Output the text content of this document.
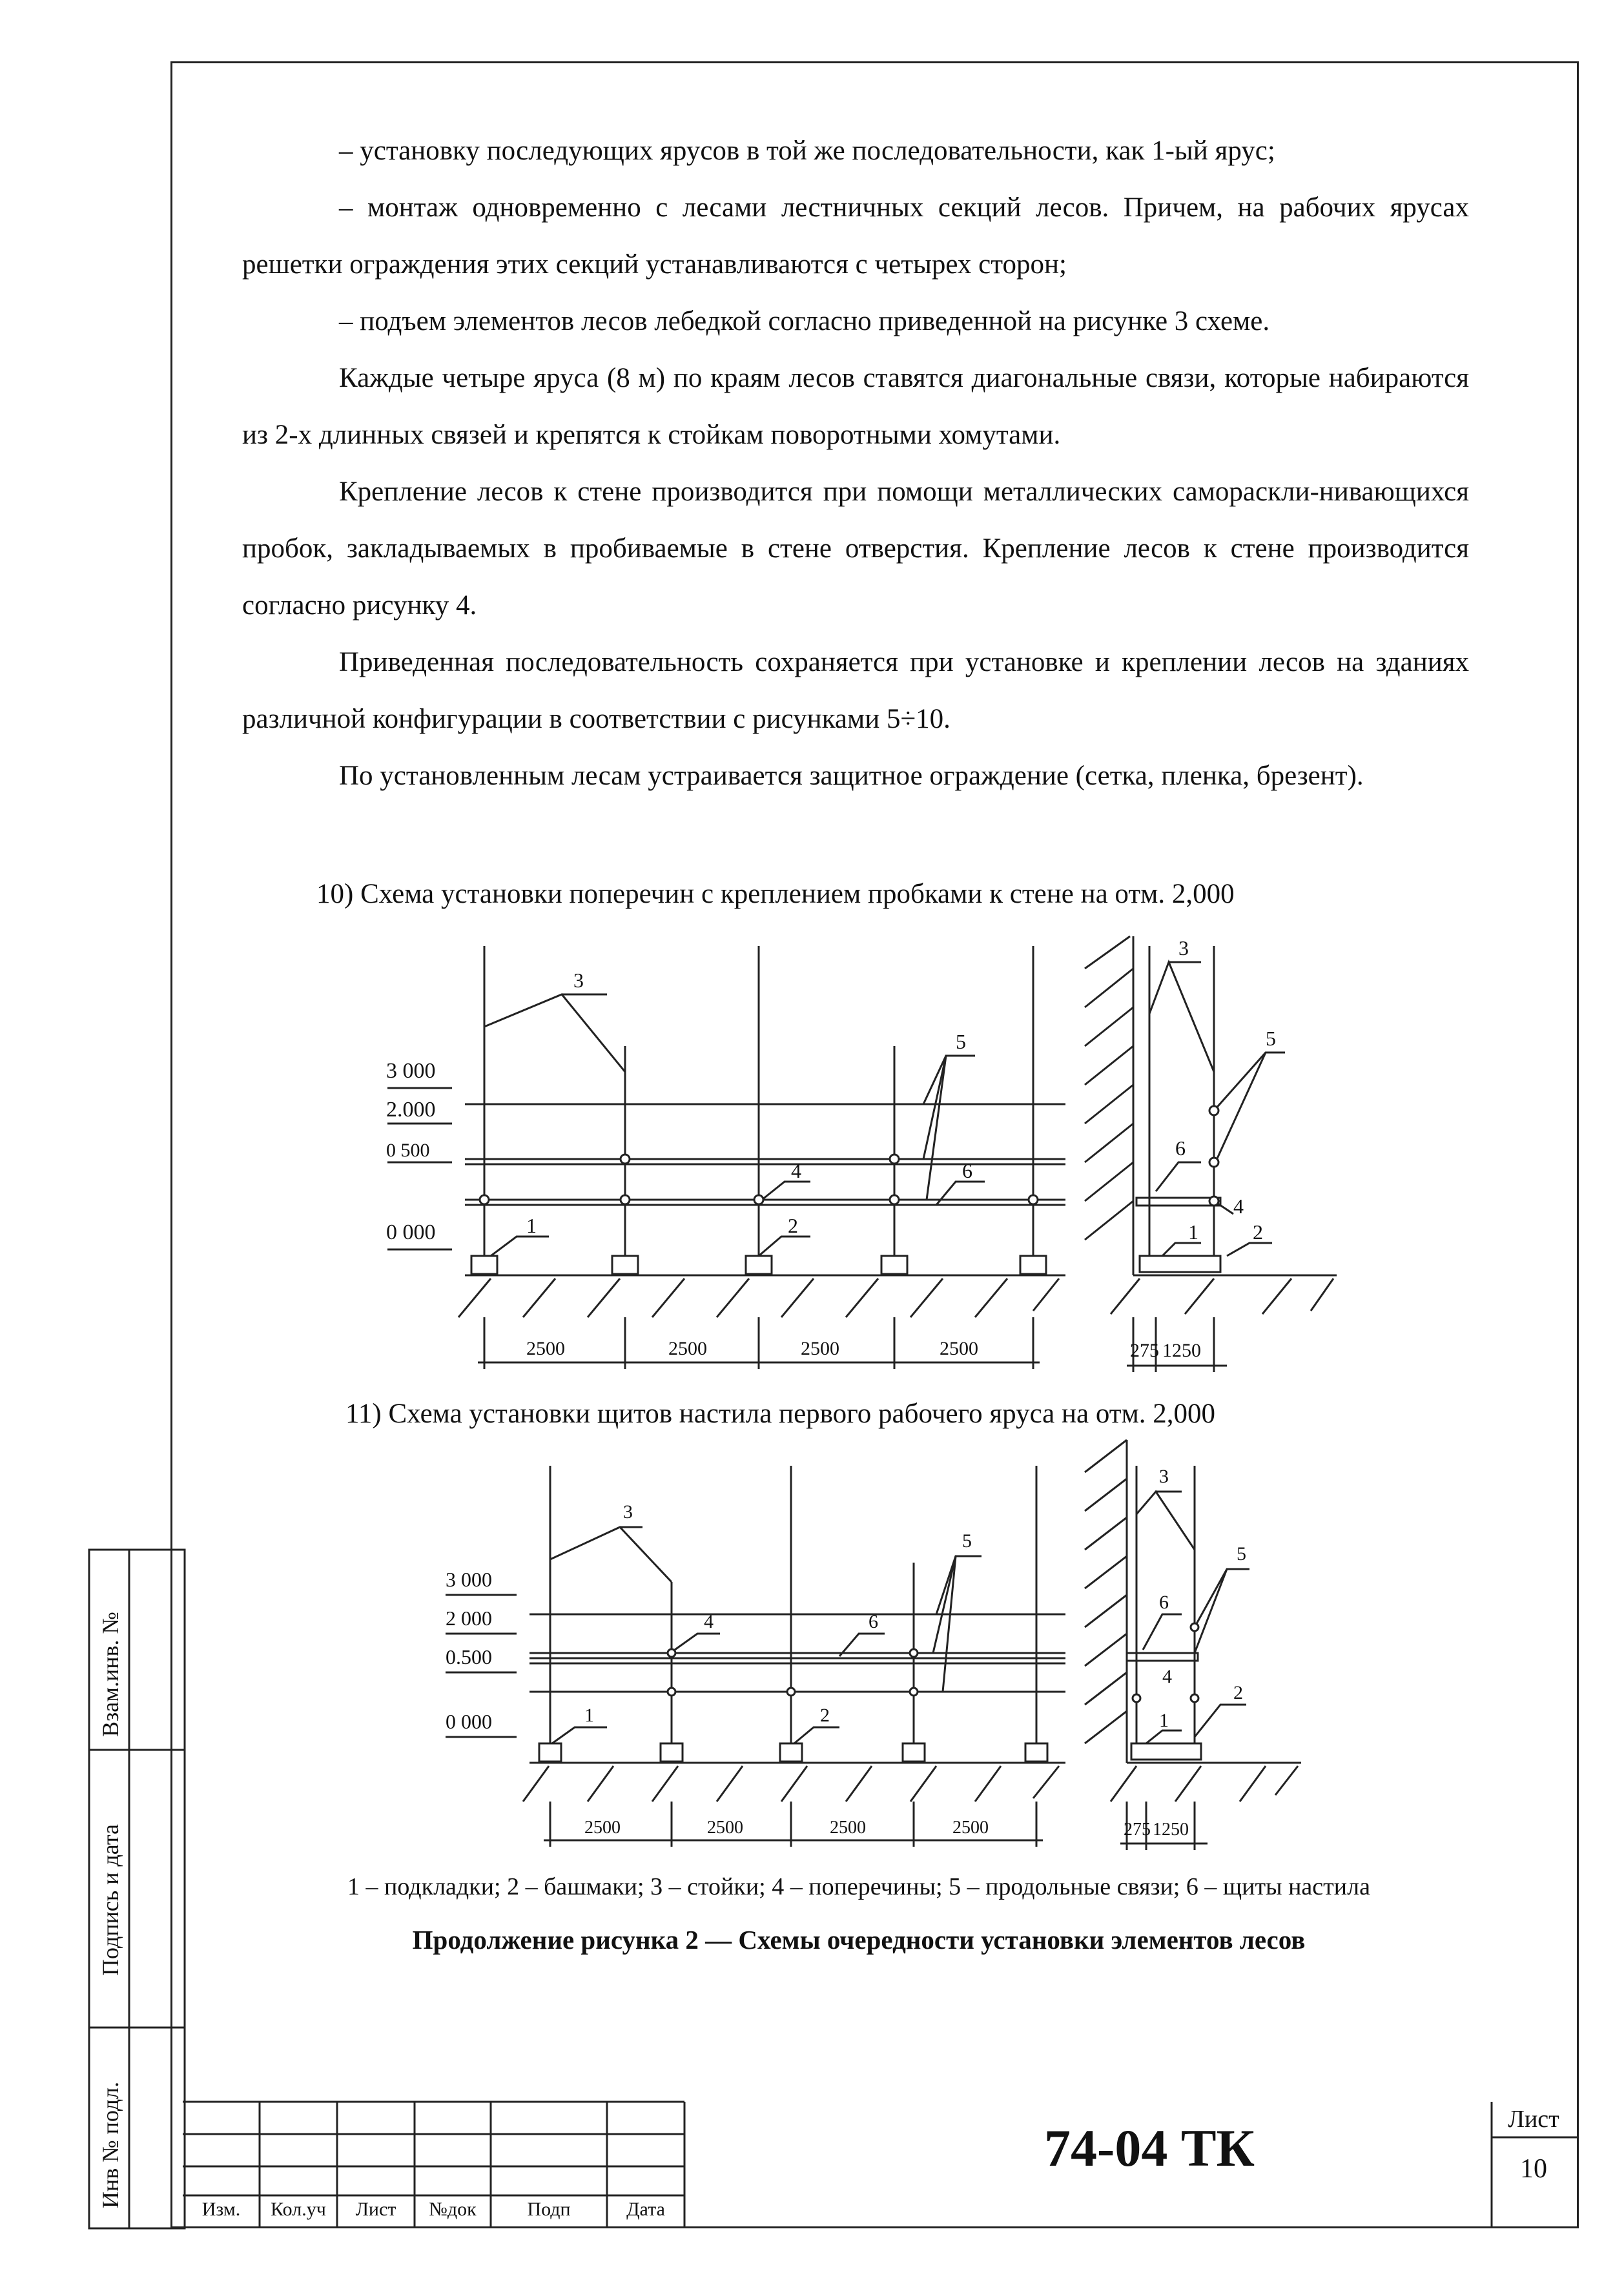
– установку последующих ярусов в той же последовательности, как 1-ый ярус;
– монтаж одновременно с лесами лестничных секций лесов. Причем, на рабочих ярусах решетки ограждения этих секций устанавливаются с четырех сторон;
– подъем элементов лесов лебедкой согласно приведенной на рисунке 3 схеме.
Каждые четыре яруса (8 м) по краям лесов ставятся диагональные связи, которые набираются из 2-х длинных связей и крепятся к стойкам поворотными хомутами.
Крепление лесов к стене производится при помощи металлических самораскли-нивающихся пробок, закладываемых в пробиваемые в стене отверстия. Крепление лесов к стене производится согласно рисунку 4.
Приведенная последовательность сохраняется при установке и креплении лесов на зданиях различной конфигурации в соответствии с рисунками 5÷10.
По установленным лесам устраивается защитное ограждение (сетка, пленка, брезент).
10) Схема установки поперечин с креплением пробками к стене на отм. 2,000
11) Схема установки щитов настила первого рабочего яруса на отм. 2,000
3 000
2.000
0 500
0 000
2500	2500	2500	2500	275 1250
1	2
3
4
5
6
3
5
6
4
1	2
3 000
2 000
0.500
0 000
2500	2500	2500	2500	275 1250
1	2
3
4
5
6
3
5
6
4
1
2
1 – подкладки; 2 – башмаки; 3 – стойки; 4 – поперечины; 5 – продольные связи; 6 – щиты настила
Продолжение рисунка 2 — Схемы очередности установки элементов лесов
Инв № подл.
Подпись и дата
Взам.инв. №
Изм.	Кол.уч	Лист	№док	Подп	Дата
74-04 ТК	Лист
10
